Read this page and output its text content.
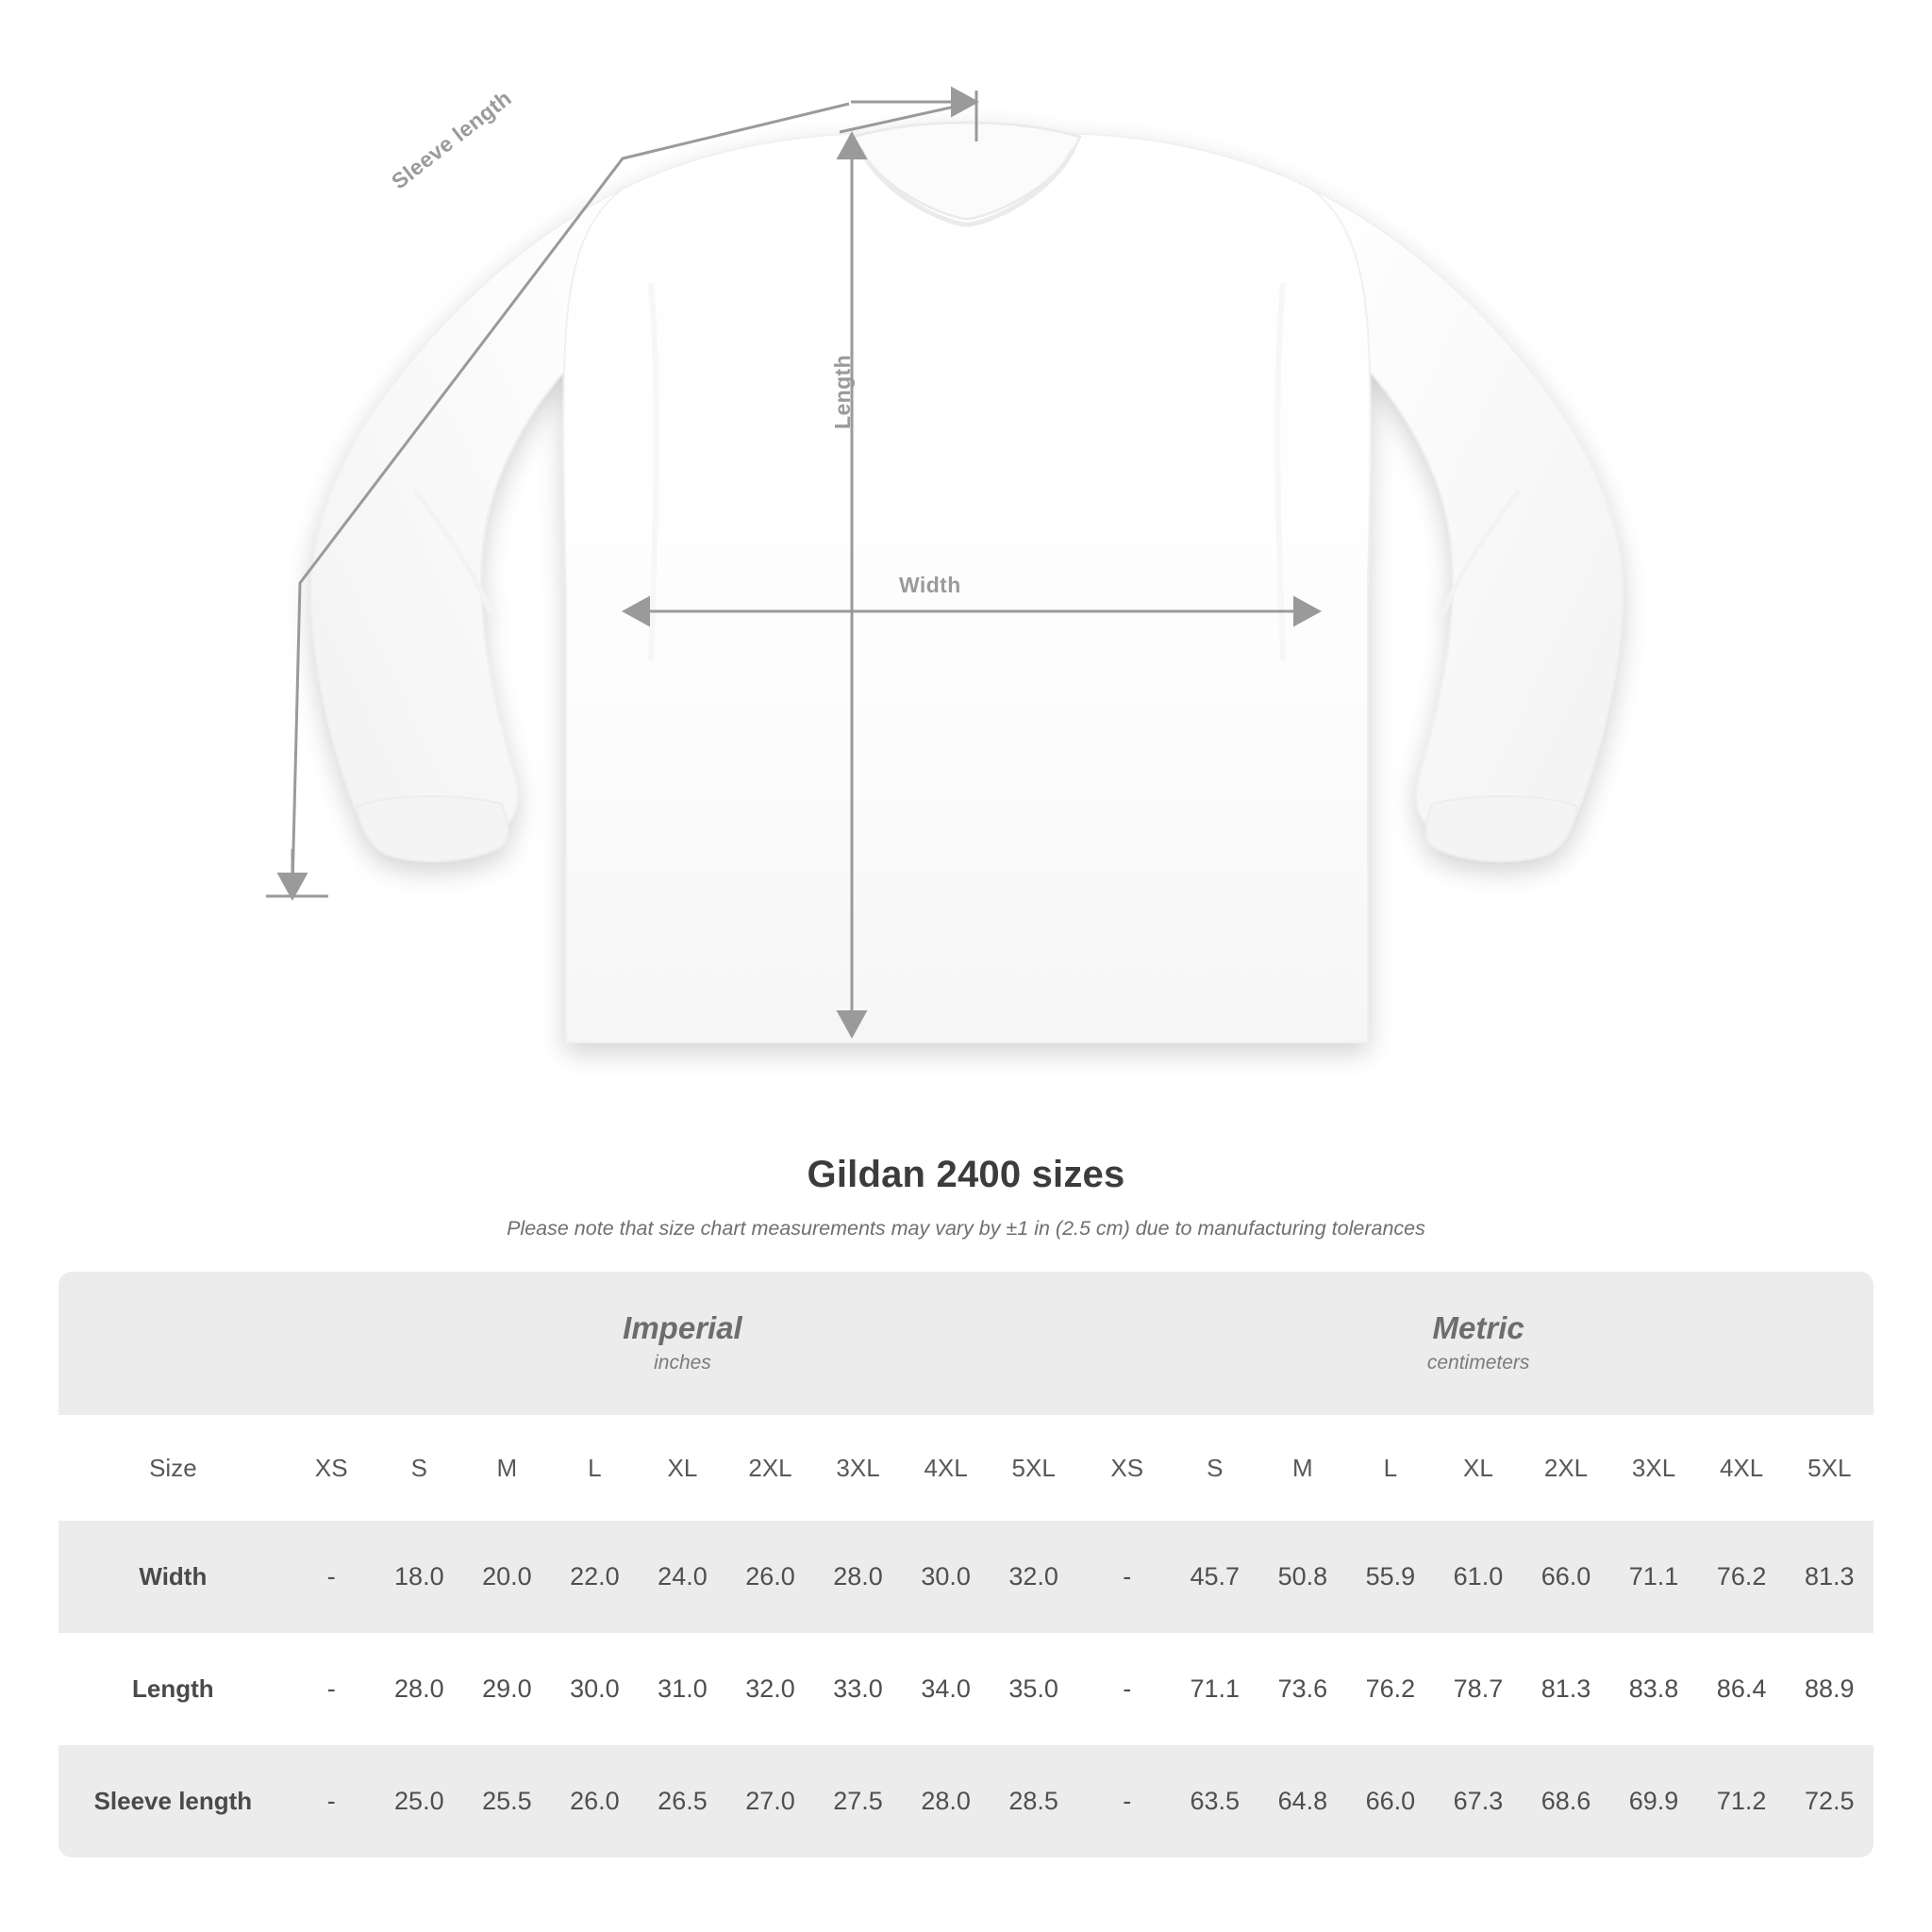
Width
Length
Sleeve length
Gildan 2400 sizes
Please note that size chart measurements may vary by ±1 in (2.5 cm) due to manufacturing tolerances

Imperial
inches

Metric
centimeters

Size	XS	S	M	L	XL	2XL	3XL	4XL	5XL		XS	S	M	L	XL	2XL	3XL	4XL	5XL
Width	-	18.0	20.0	22.0	24.0	26.0	28.0	30.0	32.0		-	45.7	50.8	55.9	61.0	66.0	71.1	76.2	81.3
Length	-	28.0	29.0	30.0	31.0	32.0	33.0	34.0	35.0		-	71.1	73.6	76.2	78.7	81.3	83.8	86.4	88.9
Sleeve length	-	25.0	25.5	26.0	26.5	27.0	27.5	28.0	28.5		-	63.5	64.8	66.0	67.3	68.6	69.9	71.2	72.5
